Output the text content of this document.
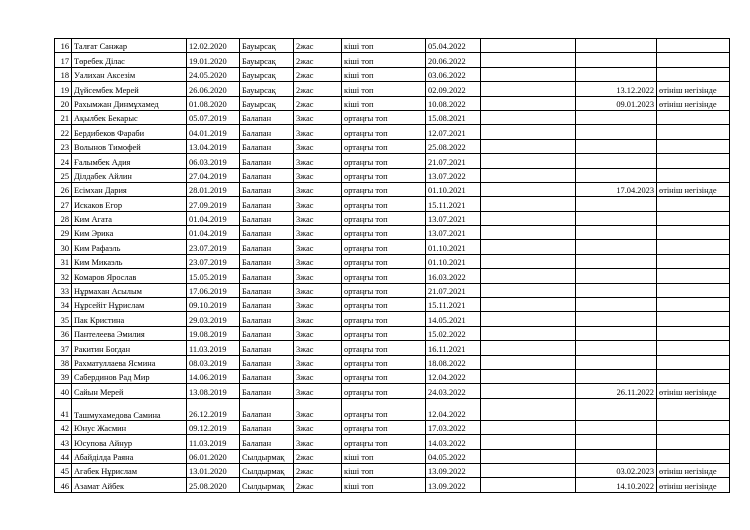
16	Талғат Санжар	12.02.2020	Бауырсақ	2жас	кіші топ	05.04.2022			
17	Төребек Ділас	19.01.2020	Бауырсақ	2жас	кіші топ	20.06.2022			
18	Уалихан Аксезім	24.05.2020	Бауырсақ	2жас	кіші топ	03.06.2022			
19	Дүйсембек Мерей	26.06.2020	Бауырсақ	2жас	кіші топ	02.09.2022		13.12.2022	өтініш негізінде
20	Рахымжан Динмұхамед	01.08.2020	Бауырсақ	2жас	кіші топ	10.08.2022		09.01.2023	өтініш негізінде
21	Ақылбек Бекарыс	05.07.2019	Балапан	3жас	ортаңғы топ	15.08.2021			
22	Бердибеков Фараби	04.01.2019	Балапан	3жас	ортаңғы топ	12.07.2021			
23	Волынов Тимофей	13.04.2019	Балапан	3жас	ортаңғы топ	25.08.2022			
24	Ғалымбек Адия	06.03.2019	Балапан	3жас	ортаңғы топ	21.07.2021			
25	Ділдабек Айлин	27.04.2019	Балапан	3жас	ортаңғы топ	13.07.2022			
26	Есімхан Дария	28.01.2019	Балапан	3жас	ортаңғы топ	01.10.2021		17.04.2023	өтініш негізінде
27	Искаков Егор	27.09.2019	Балапан	3жас	ортаңғы топ	15.11.2021			
28	Ким Агата	01.04.2019	Балапан	3жас	ортаңғы топ	13.07.2021			
29	Ким Эрика	01.04.2019	Балапан	3жас	ортаңғы топ	13.07.2021			
30	Ким Рафаэль	23.07.2019	Балапан	3жас	ортаңғы топ	01.10.2021			
31	Ким Микаэль	23.07.2019	Балапан	3жас	ортаңғы топ	01.10.2021			
32	Комаров Ярослав	15.05.2019	Балапан	3жас	ортаңғы топ	16.03.2022			
33	Нұрмахан Асылым	17.06.2019	Балапан	3жас	ортаңғы топ	21.07.2021			
34	Нұрсейіт Нұрислам	09.10.2019	Балапан	3жас	ортаңғы топ	15.11.2021			
35	Пак Кристина	29.03.2019	Балапан	3жас	ортаңғы топ	14.05.2021			
36	Пантелеева Эмилия	19.08.2019	Балапан	3жас	ортаңғы топ	15.02.2022			
37	Ракитин Богдан	11.03.2019	Балапан	3жас	ортаңғы топ	16.11.2021			
38	Рахматуллаева Ясмина	08.03.2019	Балапан	3жас	ортаңғы топ	18.08.2022			
39	Сабердинов Рад Мир	14.06.2019	Балапан	3жас	ортаңғы топ	12.04.2022			
40	Сайын Мерей	13.08.2019	Балапан	3жас	ортаңғы топ	24.03.2022		26.11.2022	өтініш негізінде
41	Ташмухамедова Самина	26.12.2019	Балапан	3жас	ортаңғы топ	12.04.2022			
42	Юнус Жасмин	09.12.2019	Балапан	3жас	ортаңғы топ	17.03.2022			
43	Юсупова Айнур	11.03.2019	Балапан	3жас	ортаңғы топ	14.03.2022			
44	Абайділда Раяна	06.01.2020	Сылдырмақ	2жас	кіші топ	04.05.2022			
45	Агабек Нұрислам	13.01.2020	Сылдырмақ	2жас	кіші топ	13.09.2022		03.02.2023	өтініш негізінде
46	Азамат Айбек	25.08.2020	Сылдырмақ	2жас	кіші топ	13.09.2022		14.10.2022	өтініш негізінде
